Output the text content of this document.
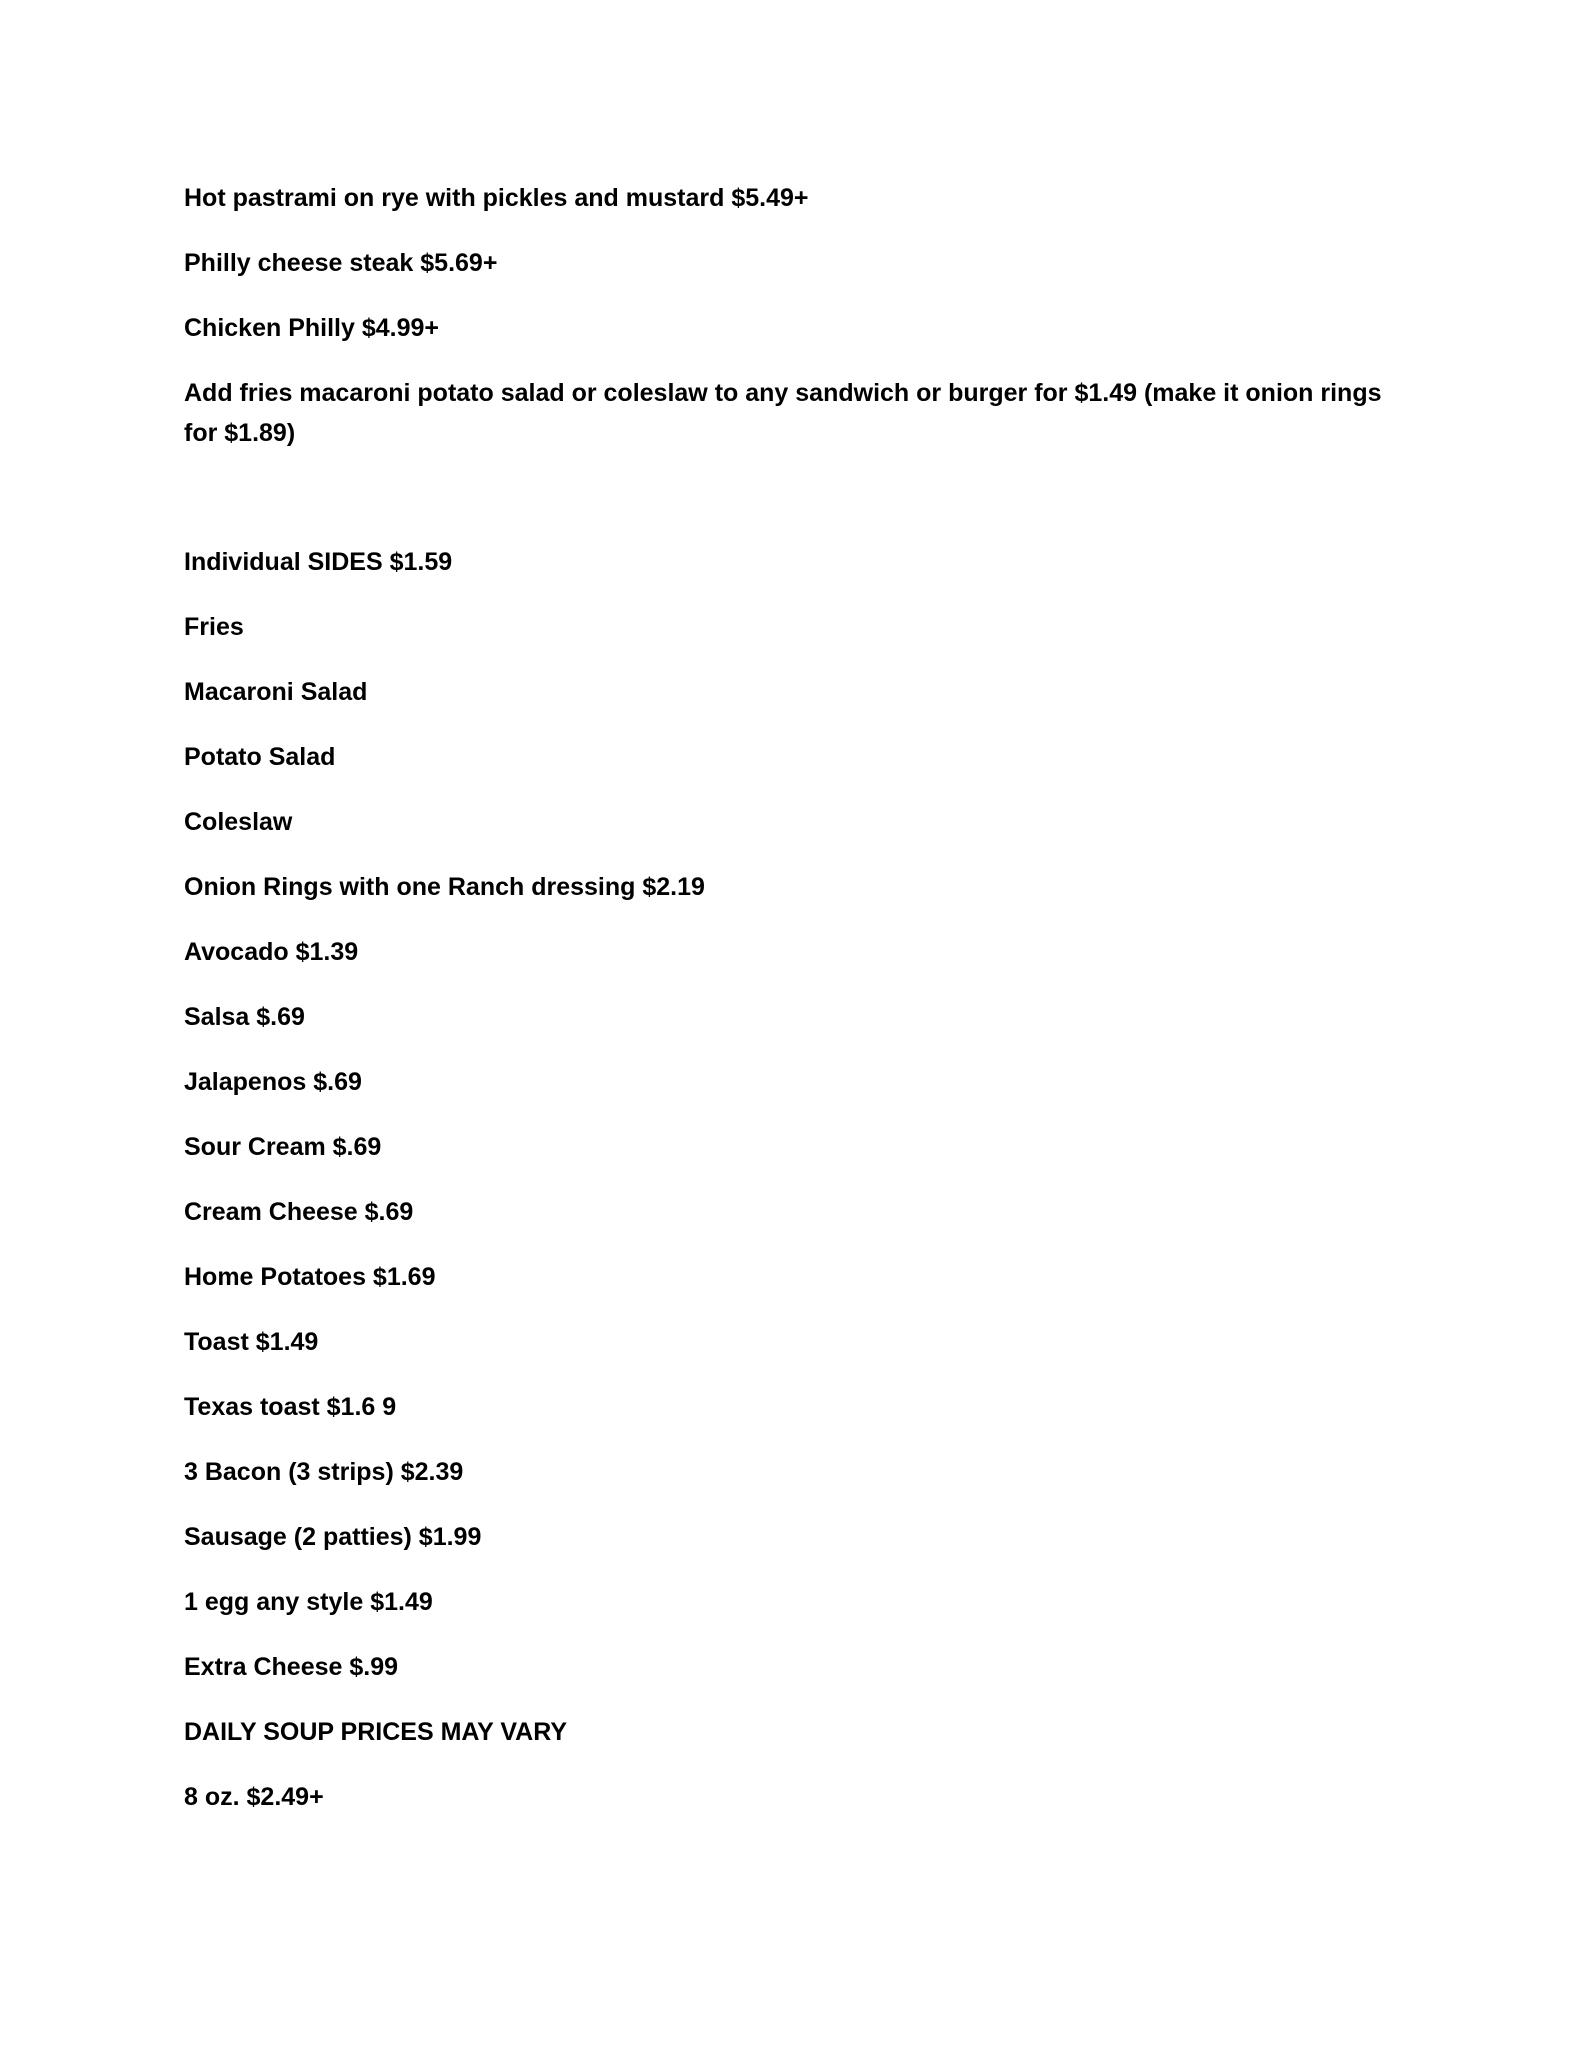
Hot pastrami on rye with pickles and mustard $5.49+

Philly cheese steak $5.69+

Chicken Philly $4.99+

Add fries macaroni potato salad or coleslaw to any sandwich or burger for $1.49 (make it onion rings for $1.89)

Individual SIDES $1.59

Fries

Macaroni Salad

Potato Salad

Coleslaw

Onion Rings with one Ranch dressing $2.19

Avocado $1.39

Salsa $.69

Jalapenos $.69

Sour Cream $.69

Cream Cheese $.69

Home Potatoes $1.69

Toast $1.49

Texas toast $1.6 9

3 Bacon (3 strips) $2.39

Sausage (2 patties) $1.99

1 egg any style $1.49

Extra Cheese $.99

DAILY SOUP PRICES MAY VARY

8 oz. $2.49+
